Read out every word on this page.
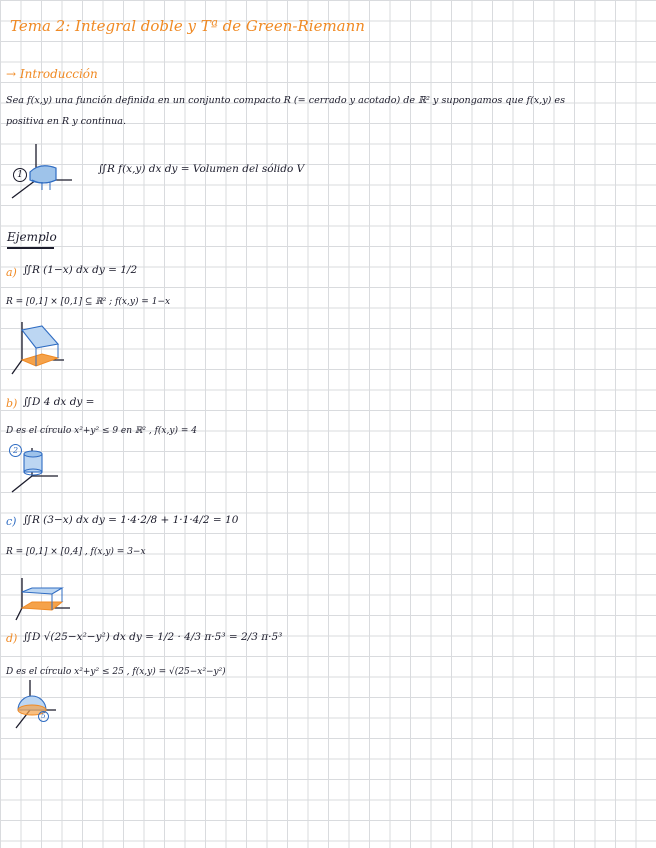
Tema 2: Integral doble y Tª de Green-Riemann
→ Introducción
Sea f(x,y) una función definida en un conjunto compacto R (= cerrado y acotado) de ℝ² y supongamos que f(x,y) es
positiva en R y continua.
1	∬R f(x,y) dx dy = Volumen del sólido V
Ejemplo
a) ∬R (1−x) dx dy = 1/2
R = [0,1] × [0,1] ⊆ ℝ² ; f(x,y) = 1−x
b) ∬D 4 dx dy =
D es el círculo x²+y² ≤ 9 en ℝ² , f(x,y) = 4
2
c) ∬R (3−x) dx dy = 1·4·2/8 + 1·1·4/2 = 10
R = [0,1] × [0,4] , f(x,y) = 3−x
d) ∬D √(25−x²−y²) dx dy = 1/2 · 4/3 π·5³ = 2/3 π·5³
D es el círculo x²+y² ≤ 25 , f(x,y) = √(25−x²−y²)
5
